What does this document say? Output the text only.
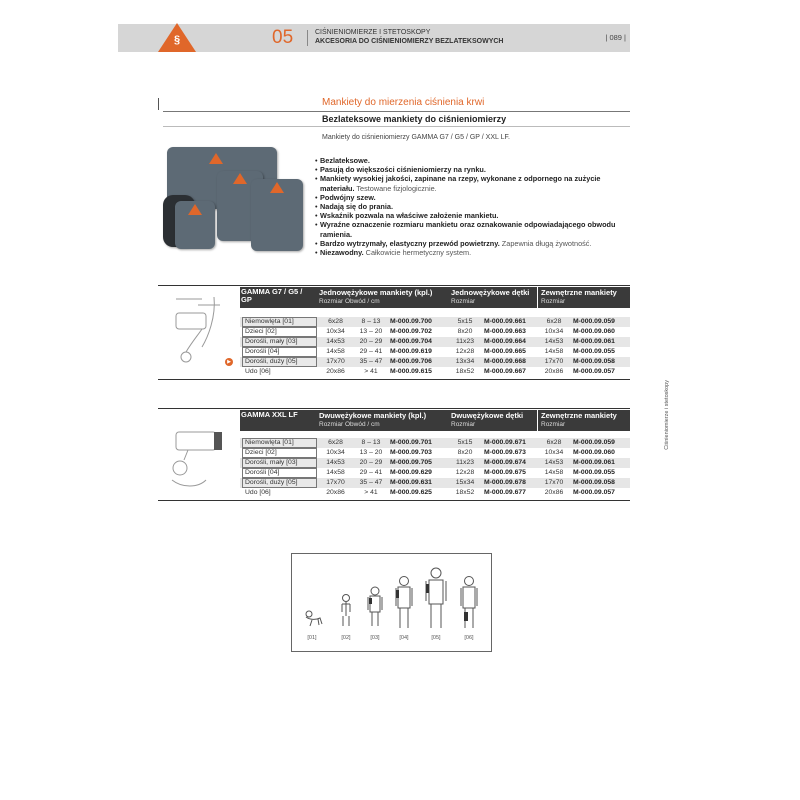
§	05	CIŚNIENIOMIERZE I STETOSKOPY
AKCESORIA DO CIŚNIENIOMIERZY BEZLATEKSOWYCH	| 089 |
Mankiety do mierzenia ciśnienia krwi
Bezlateksowe mankiety do ciśnieniomierzy
Mankiety do ciśnieniomierzy GAMMA G7 / G5 / GP / XXL LF.
• Bezlateksowe.
• Pasują do większości ciśnieniomierzy na rynku.
• Mankiety wysokiej jakości, zapinane na rzepy, wykonane z odpornego na zużycie materiału. Testowane fizjologicznie.
• Podwójny szew.
• Nadają się do prania.
• Wskaźnik pozwala na właściwe założenie mankietu.
• Wyraźne oznaczenie rozmiaru mankietu oraz oznakowanie odpowiadającego obwodu ramienia.
• Bardzo wytrzymały, elastyczny przewód powietrzny. Zapewnia długą żywotność.
• Niezawodny. Całkowicie hermetyczny system.
GAMMA G7 / G5 / GP
Jednowężykowe mankiety (kpl.)
Rozmiar Obwód / cm
Jednowężykowe dętki
Rozmiar
Zewnętrzne mankiety
Rozmiar
Niemowlęta [01]	6x28	8 – 13	M-000.09.700	5x15	M-000.09.661	6x28	M-000.09.059
Dzieci [02]	10x34	13 – 20	M-000.09.702	8x20	M-000.09.663	10x34	M-000.09.060
Dorośli, mały [03]	14x53	20 – 29	M-000.09.704	11x23	M-000.09.664	14x53	M-000.09.061
Dorośli [04]	14x58	29 – 41	M-000.09.619	12x28	M-000.09.665	14x58	M-000.09.055
▶	Dorośli, duży [05]	17x70	35 – 47	M-000.09.706	13x34	M-000.09.668	17x70	M-000.09.058
Udo [06]	20x86	> 41	M-000.09.615	18x52	M-000.09.667	20x86	M-000.09.057
GAMMA XXL LF	Dwuwężykowe mankiety (kpl.)
Rozmiar Obwód / cm
Dwuwężykowe dętki
Rozmiar
Zewnętrzne mankiety
Rozmiar
Niemowlęta [01]	6x28	8 – 13	M-000.09.701	5x15	M-000.09.671	6x28	M-000.09.059
Dzieci [02]	10x34	13 – 20	M-000.09.703	8x20	M-000.09.673	10x34	M-000.09.060
Dorośli, mały [03]	14x53	20 – 29	M-000.09.705	11x23	M-000.09.674	14x53	M-000.09.061
Dorośli [04]	14x58	29 – 41	M-000.09.629	12x28	M-000.09.675	14x58	M-000.09.055
Dorośli, duży [05]	17x70	35 – 47	M-000.09.631	15x34	M-000.09.678	17x70	M-000.09.058
Udo [06]	20x86	> 41	M-000.09.625	18x52	M-000.09.677	20x86	M-000.09.057
Ciśnieniomierze i stetoskopy
[01]	[02]	[03]	[04]	[05]	[06]
